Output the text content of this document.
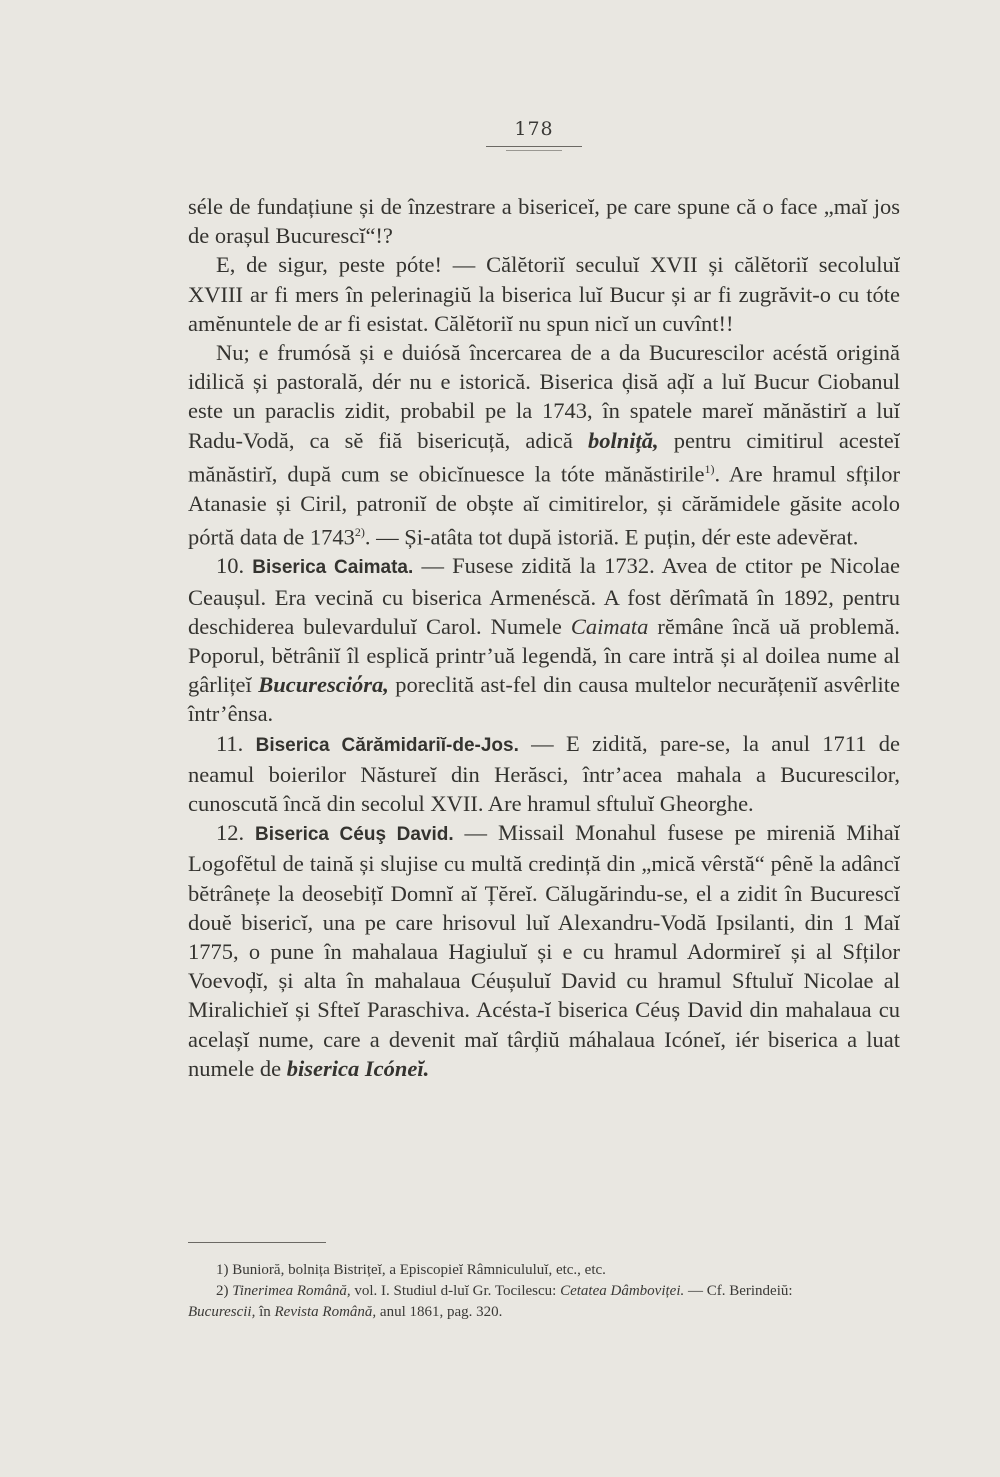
178

séle de fundațiune și de înzestrare a bisericeĭ, pe care spune că o face „maĭ jos de orașul Bucurescĭ“!?

E, de sigur, peste póte! — Călĕtoriĭ seculuĭ XVII și călĕtoriĭ secoluluĭ XVIII ar fi mers în pelerinagiŭ la biserica luĭ Bucur și ar fi zugrăvit-o cu tóte amĕnuntele de ar fi esistat. Călĕtoriĭ nu spun nicĭ un cuvînt!!

Nu; e frumósă și e duiósă încercarea de a da Bucurescilor acéstă origină idilică și pastorală, dér nu e istorică. Biserica ḑisă aḑĭ a luĭ Bucur Ciobanul este un paraclis zidit, probabil pe la 1743, în spatele mareĭ mănăstirĭ a luĭ Radu-Vodă, ca sĕ fiă bisericuță, adică bolniță, pentru cimitirul acesteĭ mănăstirĭ, după cum se obicĭnuesce la tóte mănăstirile$^{1)}$. Are hramul sfților Atanasie și Ciril, patroniĭ de obște aĭ cimitirelor, și cărămidele găsite acolo pórtă data de 1743$^{2)}$. — Și-atâta tot după istoriă. E puțin, dér este adevĕrat.

10. Biserica Caimata. — Fusese zidită la 1732. Avea de ctitor pe Nicolae Ceaușul. Era vecină cu biserica Armenéscă. A fost dĕrîmată în 1892, pentru deschiderea bulevarduluĭ Carol. Numele Caimata rĕmâne încă uă problemă. Poporul, bĕtrâniĭ îl esplică printr’uă legendă, în care intră și al doilea nume al gârlițeĭ Bucuresciόra, poreclită ast-fel din causa multelor necurățeniĭ asvêrlite într’ênsa.

11. Biserica Cărămidariĭ-de-Jos. — E zidită, pare-se, la anul 1711 de neamul boierilor Năstureĭ din Herăsci, într’acea mahala a Bucurescilor, cunoscută încă din secolul XVII. Are hramul sftuluĭ Gheorghe.

12. Biserica Céuş David. — Missail Monahul fusese pe mireniă Mihaĭ Logofĕtul de taină și slujise cu multă credință din „mică vêrstă“ pênĕ la adâncĭ bĕtrânețe la deosebițĭ Domnĭ aĭ Țĕreĭ. Călugărindu-se, el a zidit în Bucurescĭ douĕ bisericĭ, una pe care hrisovul luĭ Alexandru-Vodă Ipsilanti, din 1 Maĭ 1775, o pune în mahalaua Hagiuluĭ și e cu hramul Adormireĭ și al Sfților Voevoḑĭ, și alta în mahalaua Céușuluĭ David cu hramul Sftuluĭ Nicolae al Miralichieĭ și Sfteĭ Paraschiva. Acésta-ĭ biserica Céuș David din mahalaua cu acelașĭ nume, care a devenit maĭ târḑiŭ máhalaua Icóneĭ, iér biserica a luat numele de biserica Icóneĭ.

1) Buniοră, bolnița Bistrițeĭ, a Episcopieĭ Râmnicululuĭ, etc., etc.

2) Tinerimea Română, vol. I. Studiul d-luĭ Gr. Tocilescu: Cetatea Dâmboviței. — Cf. Berindeiŭ:

Bucurescii, în Revista Română, anul 1861, pag. 320.
